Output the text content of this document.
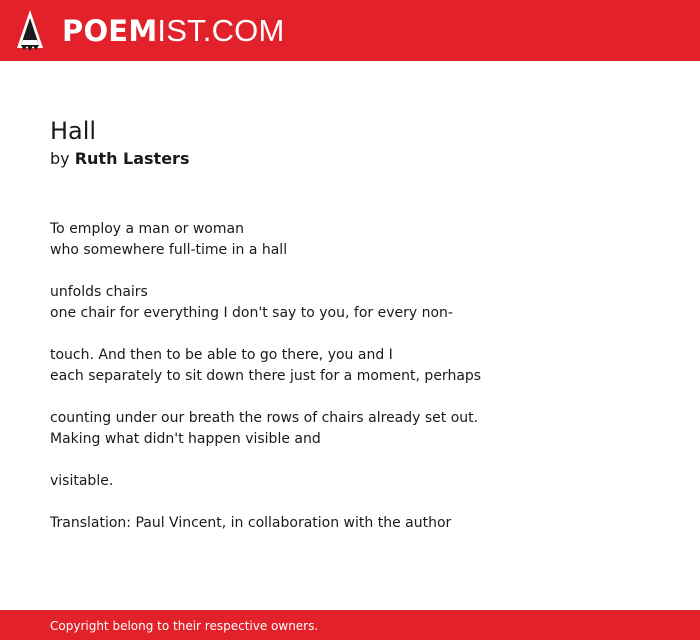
POEMIST.COM
Hall
by Ruth Lasters
To employ a man or woman
who somewhere full-time in a hall
unfolds chairs
one chair for everything I don't say to you, for every non-
touch. And then to be able to go there, you and I
each separately to sit down there just for a moment, perhaps
counting under our breath the rows of chairs already set out.
Making what didn't happen visible and
visitable.
Translation: Paul Vincent, in collaboration with the author
Copyright belong to their respective owners.
